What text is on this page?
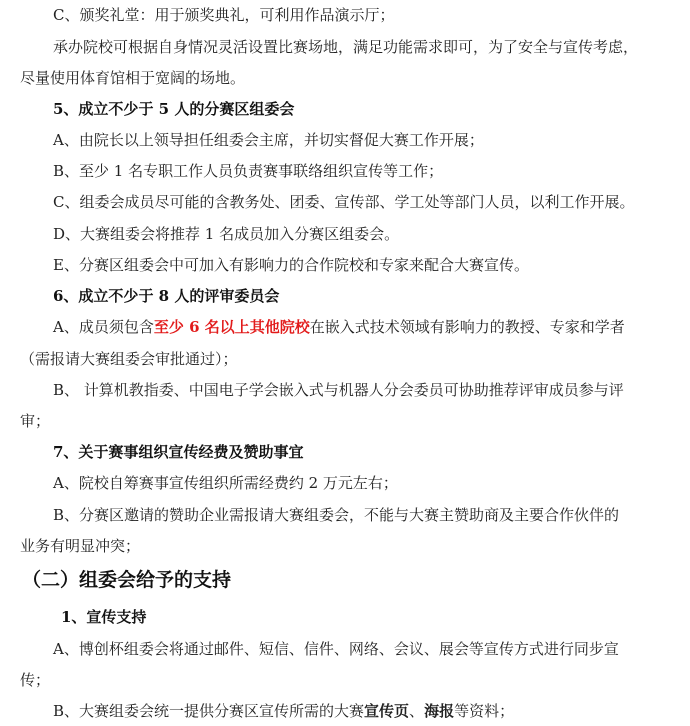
C、颁奖礼堂：用于颁奖典礼，可利用作品演示厅；
承办院校可根据自身情况灵活设置比赛场地，满足功能需求即可，为了安全与宣传考虑，
尽量使用体育馆相于宽阔的场地。
5、成立不少于 5 人的分赛区组委会
A、由院长以上领导担任组委会主席，并切实督促大赛工作开展；
B、至少 1 名专职工作人员负责赛事联络组织宣传等工作；
C、组委会成员尽可能的含教务处、团委、宣传部、学工处等部门人员，以利工作开展。
D、大赛组委会将推荐 1 名成员加入分赛区组委会。
E、分赛区组委会中可加入有影响力的合作院校和专家来配合大赛宣传。
6、成立不少于 8 人的评审委员会
A、成员须包含至少 6 名以上其他院校在嵌入式技术领域有影响力的教授、专家和学者
（需报请大赛组委会审批通过）；
B、 计算机教指委、中国电子学会嵌入式与机器人分会委员可协助推荐评审成员参与评
审；
7、关于赛事组织宣传经费及赞助事宜
A、院校自筹赛事宣传组织所需经费约 2 万元左右；
B、分赛区邀请的赞助企业需报请大赛组委会，不能与大赛主赞助商及主要合作伙伴的
业务有明显冲突；
（二）组委会给予的支持
1、宣传支持
A、博创杯组委会将通过邮件、短信、信件、网络、会议、展会等宣传方式进行同步宣
传；
B、大赛组委会统一提供分赛区宣传所需的大赛宣传页、海报等资料；
